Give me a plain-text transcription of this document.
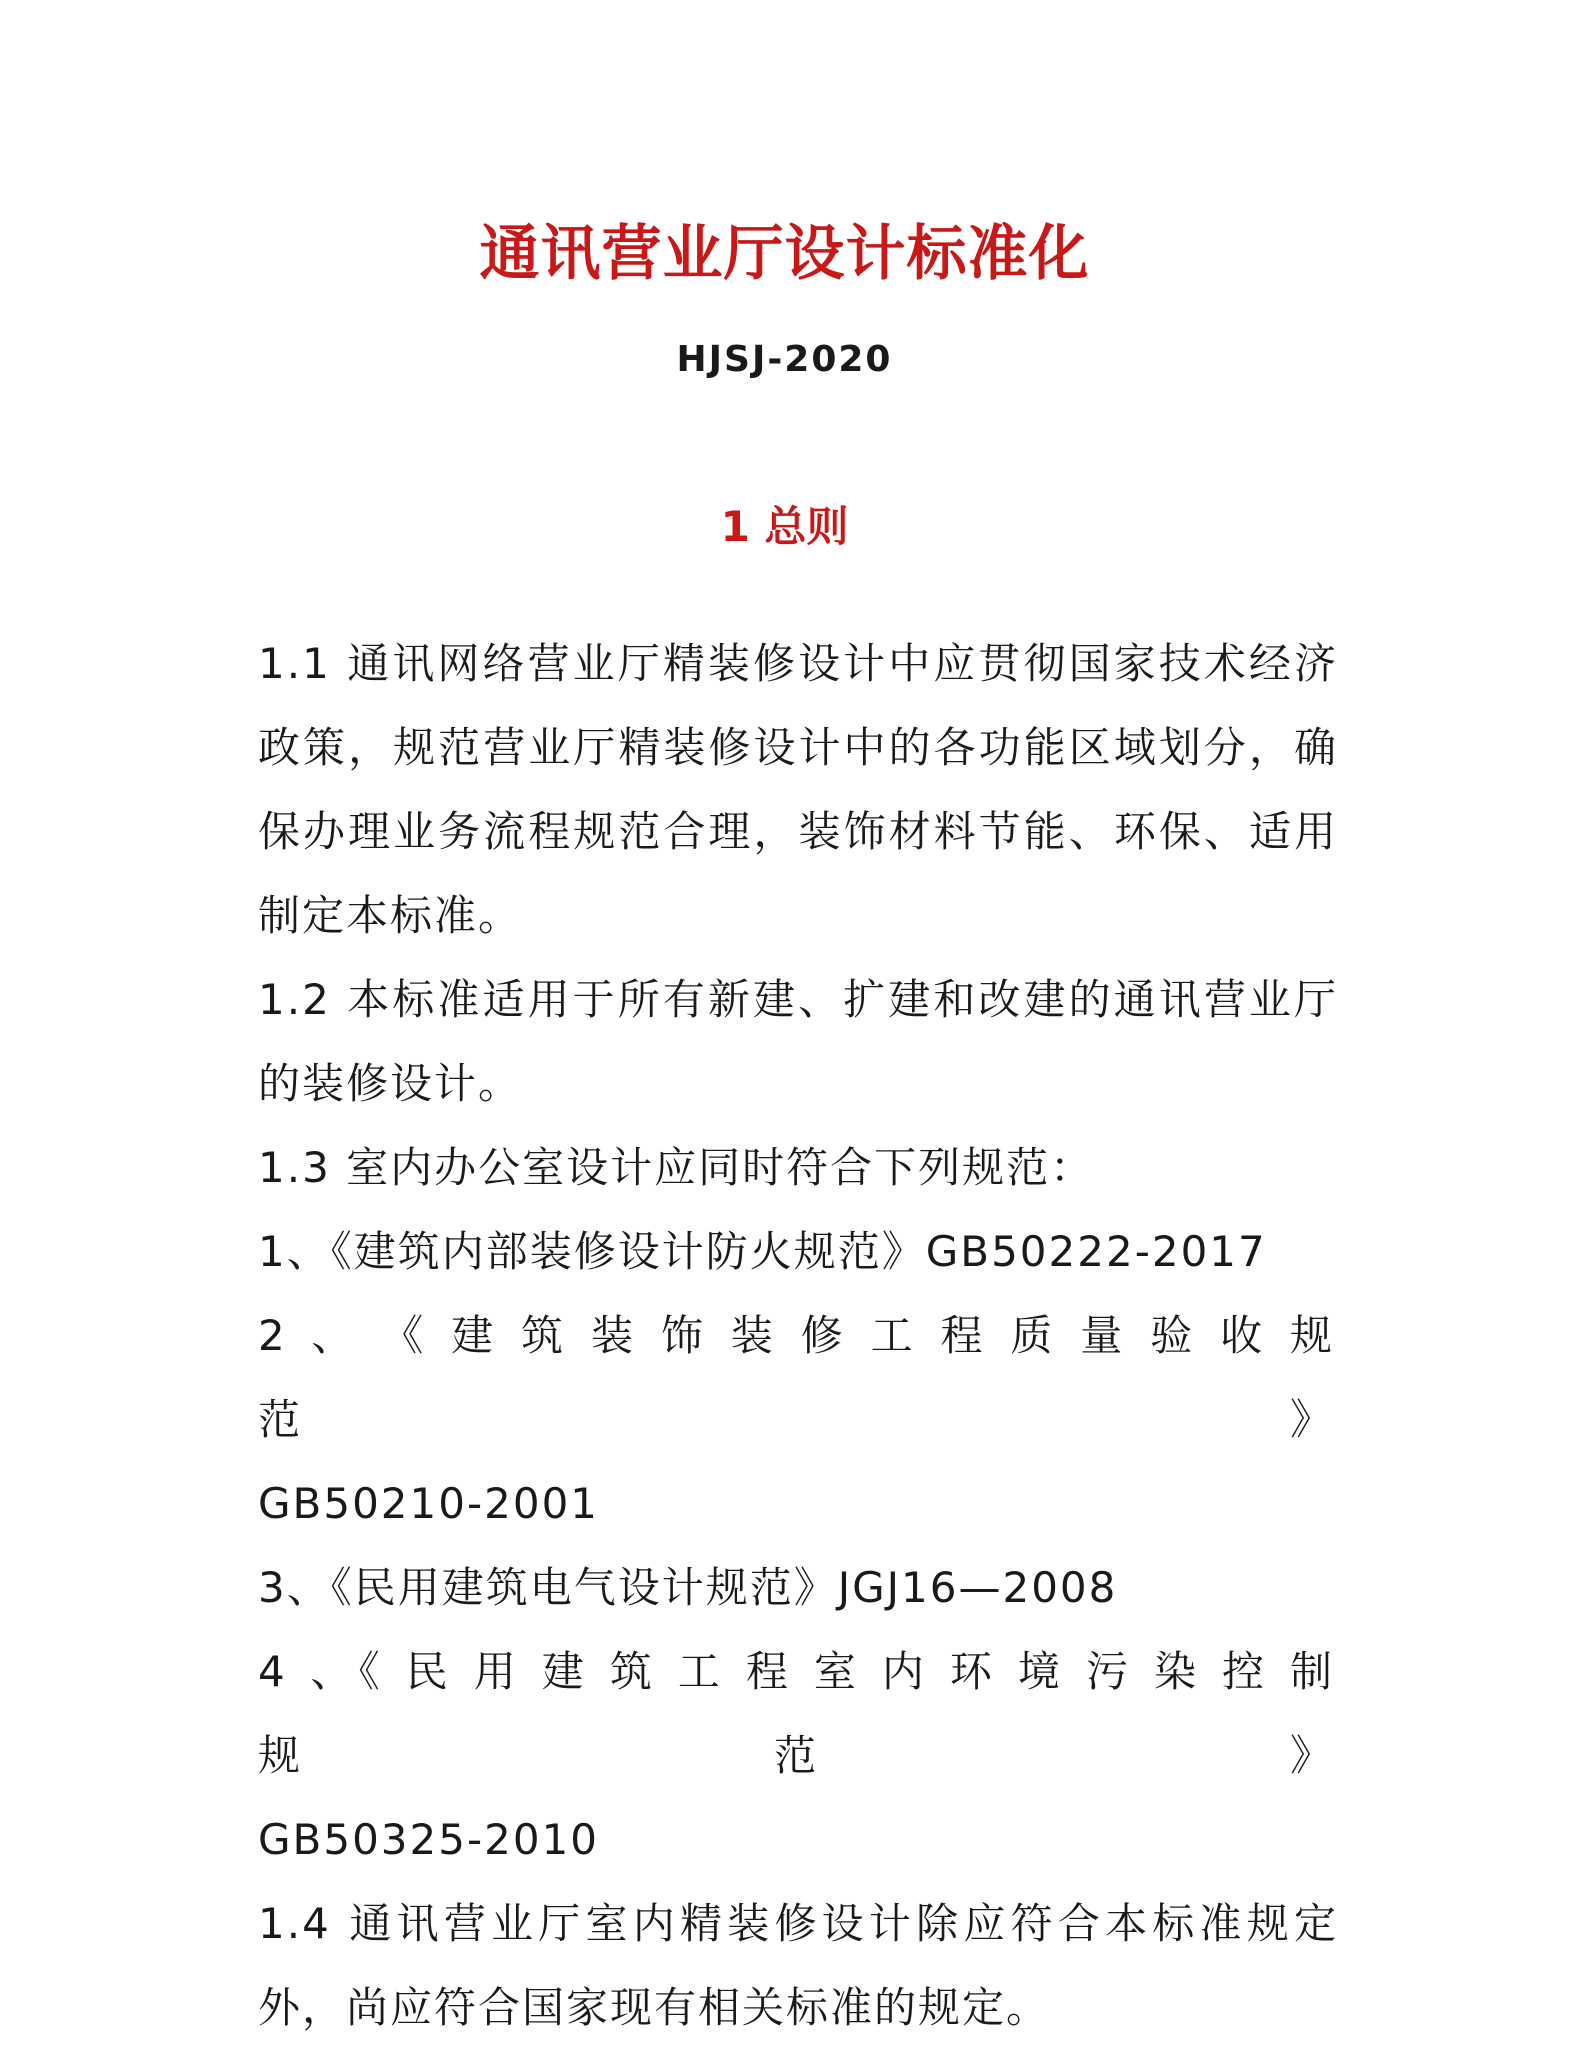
通讯营业厅设计标准化
HJSJ-2020
1 总则

1.1 通讯网络营业厅精装修设计中应贯彻国家技术经济政策，规范营业厅精装修设计中的各功能区域划分，确保办理业务流程规范合理，装饰材料节能、环保、适用制定本标准。

1.2 本标准适用于所有新建、扩建和改建的通讯营业厅的装修设计。

1.3 室内办公室设计应同时符合下列规范：

1、《建筑内部装修设计防火规范》GB50222-2017

2 、 《 建 筑 装 饰 装 修 工 程 质 量 验 收 规 范 》

GB50210-2001

3、《民用建筑电气设计规范》JGJ16—2008

4 、《 民 用 建 筑 工 程 室 内 环 境 污 染 控 制 规 范 》

GB50325-2010

1.4 通讯营业厅室内精装修设计除应符合本标准规定外，尚应符合国家现有相关标准的规定。
